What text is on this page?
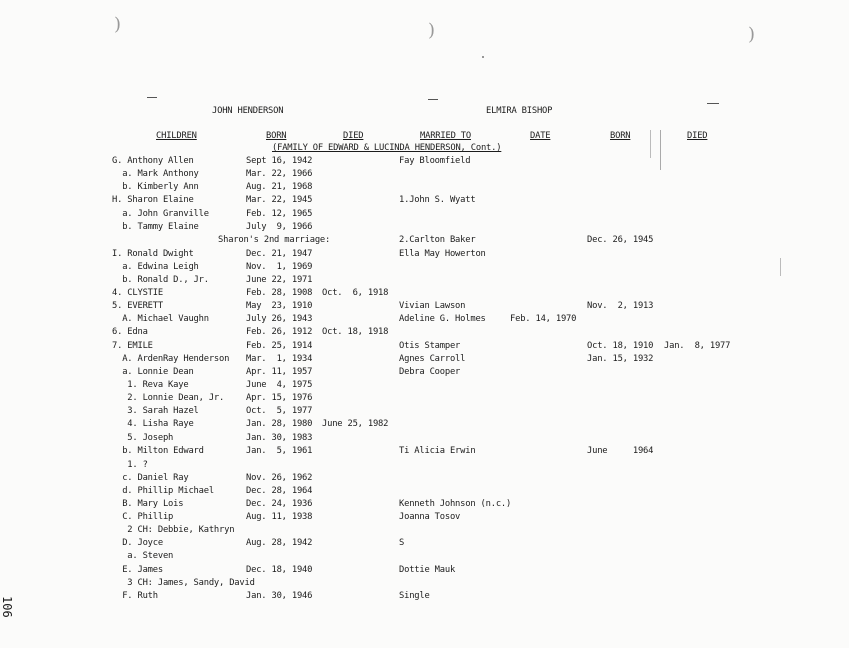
)	)	)
JOHN HENDERSON	ELMIRA BISHOP
CHILDREN	BORN	DIED	MARRIED TO	DATE	BORN	DIED
(FAMILY OF EDWARD & LUCINDA HENDERSON, Cont.)
G. Anthony Allen	Sept 16, 1942	Fay Bloomfield
a. Mark Anthony	Mar. 22, 1966
b. Kimberly Ann	Aug. 21, 1968
H. Sharon Elaine	Mar. 22, 1945	1.John S. Wyatt
a. John Granville	Feb. 12, 1965
b. Tammy Elaine	July  9, 1966
Sharon's 2nd marriage:	2.Carlton Baker	Dec. 26, 1945
I. Ronald Dwight	Dec. 21, 1947	Ella May Howerton
a. Edwina Leigh	Nov.  1, 1969
b. Ronald D., Jr.	June 22, 1971
4. CLYSTIE	Feb. 28, 1908 Oct.  6, 1918
5. EVERETT	May  23, 1910	Vivian Lawson	Nov.  2, 1913
A. Michael Vaughn	July 26, 1943	Adeline G. Holmes	Feb. 14, 1970
6. Edna	Feb. 26, 1912 Oct. 18, 1918
7. EMILE	Feb. 25, 1914	Otis Stamper	Oct. 18, 1910 Jan.  8, 1977
A. ArdenRay Henderson Mar.  1, 1934	Agnes Carroll	Jan. 15, 1932
a. Lonnie Dean	Apr. 11, 1957	Debra Cooper
1. Reva Kaye	June  4, 1975
2. Lonnie Dean, Jr. Apr. 15, 1976
3. Sarah Hazel	Oct.  5, 1977
4. Lisha Raye	Jan. 28, 1980 June 25, 1982
5. Joseph	Jan. 30, 1983
b. Milton Edward	Jan.  5, 1961	Ti Alicia Erwin	June     1964
1. ?
c. Daniel Ray	Nov. 26, 1962
d. Phillip Michael	Dec. 28, 1964
B. Mary Lois	Dec. 24, 1936	Kenneth Johnson (n.c.)
C. Phillip	Aug. 11, 1938	Joanna Tosov
2 CH: Debbie, Kathryn
D. Joyce	Aug. 28, 1942	S
a. Steven
E. James	Dec. 18, 1940	Dottie Mauk
3 CH: James, Sandy, David
F. Ruth	Jan. 30, 1946	Single
106
